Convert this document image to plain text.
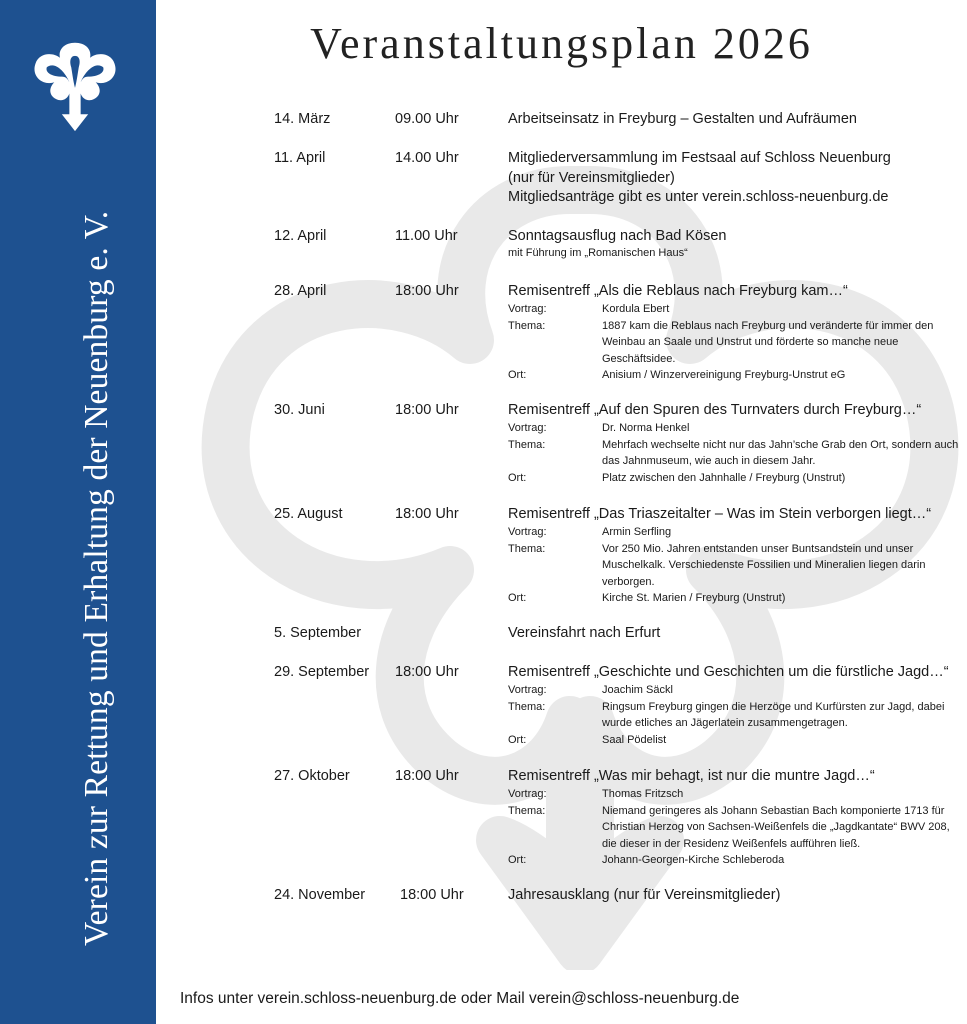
Verein zur Rettung und Erhaltung der Neuenburg e. V.
Veranstaltungsplan 2026
14. März	09.00 Uhr	Arbeitseinsatz in Freyburg – Gestalten und Aufräumen
11. April	14.00 Uhr	Mitgliederversammlung im Festsaal auf Schloss Neuenburg
(nur für Vereinsmitglieder)
Mitgliedsanträge gibt es unter verein.schloss-neuenburg.de
12. April	11.00 Uhr	Sonntagsausflug nach Bad Kösen
mit Führung im „Romanischen Haus“
28. April	18:00 Uhr	Remisentreff „Als die Reblaus nach Freyburg kam…“
Vortrag:	Kordula Ebert
Thema:	1887 kam die Reblaus nach Freyburg und veränderte für immer den Weinbau an Saale und Unstrut und förderte so manche neue Geschäftsidee.
Ort:	Anisium / Winzervereinigung Freyburg-Unstrut eG
30. Juni	18:00 Uhr	Remisentreff „Auf den Spuren des Turnvaters durch Freyburg…“
Vortrag:	Dr. Norma Henkel
Thema:	Mehrfach wechselte nicht nur das Jahn’sche Grab den Ort, sondern auch das Jahnmuseum, wie auch in diesem Jahr.
Ort:	Platz zwischen den Jahnhalle / Freyburg (Unstrut)
25. August	18:00 Uhr	Remisentreff „Das Triaszeitalter – Was im Stein verborgen liegt…“
Vortrag:	Armin Serfling
Thema:	Vor 250 Mio. Jahren entstanden unser Buntsandstein und unser Muschelkalk. Verschiedenste Fossilien und Mineralien liegen darin verborgen.
Ort:	Kirche St. Marien / Freyburg (Unstrut)
5. September	Vereinsfahrt nach Erfurt
29. September 18:00 Uhr	Remisentreff „Geschichte und Geschichten um die fürstliche Jagd…“
Vortrag:	Joachim Säckl
Thema:	Ringsum Freyburg gingen die Herzöge und Kurfürsten zur Jagd, dabei wurde etliches an Jägerlatein zusammengetragen.
Ort:	Saal Pödelist
27. Oktober	18:00 Uhr	Remisentreff „Was mir behagt, ist nur die muntre Jagd…“
Vortrag:	Thomas Fritzsch
Thema:	Niemand geringeres als Johann Sebastian Bach komponierte 1713 für Christian Herzog von Sachsen-Weißenfels die „Jagdkantate“ BWV 208, die dieser in der Residenz Weißenfels aufführen ließ.
Ort:	Johann-Georgen-Kirche Schleberoda
24. November 18:00 Uhr	Jahresausklang (nur für Vereinsmitglieder)
Infos unter verein.schloss-neuenburg.de oder Mail verein@schloss-neuenburg.de
